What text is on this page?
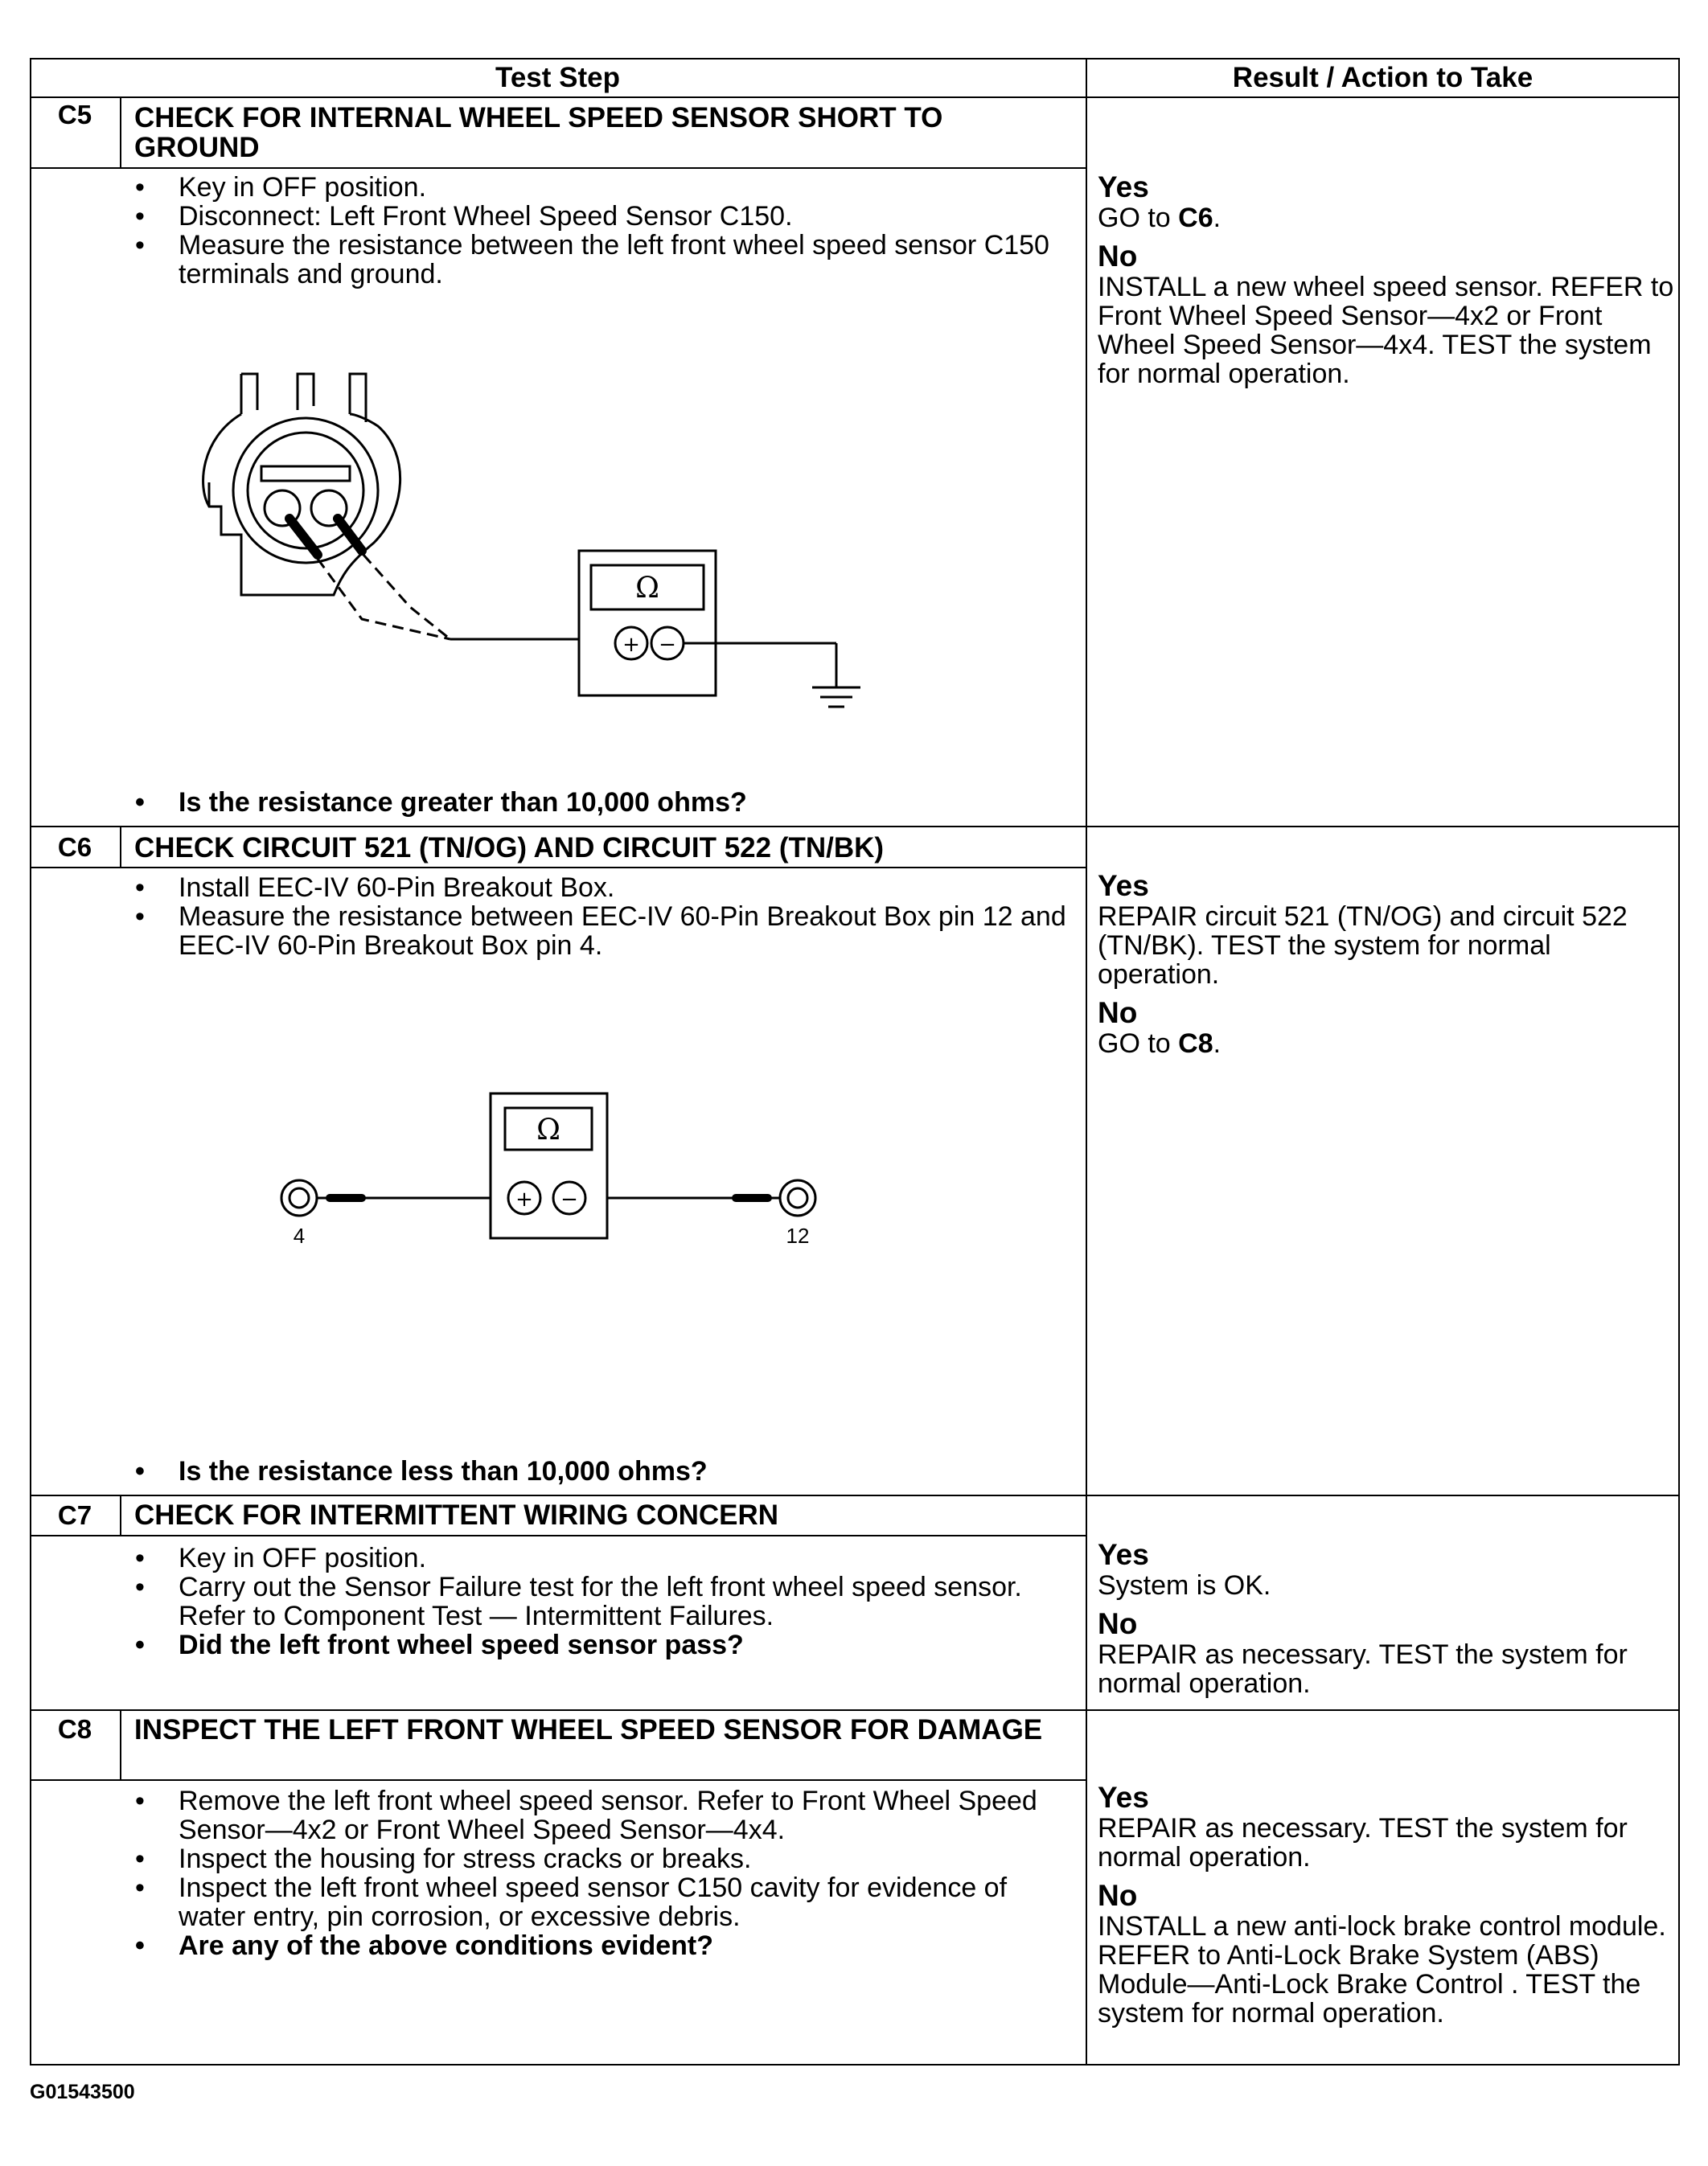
Test Step	Result / Action to Take
C5	CHECK FOR INTERNAL WHEEL SPEED SENSOR SHORT TO GROUND
• Key in OFF position.
• Disconnect: Left Front Wheel Speed Sensor C150.
• Measure the resistance between the left front wheel speed sensor C150 terminals and ground.
Ω
+ −
• Is the resistance greater than 10,000 ohms?
Yes
GO to C6.
No
INSTALL a new wheel speed sensor. REFER to Front Wheel Speed Sensor—4x2 or Front Wheel Speed Sensor—4x4. TEST the system for normal operation.
C6	CHECK CIRCUIT 521 (TN/OG) AND CIRCUIT 522 (TN/BK)
• Install EEC-IV 60-Pin Breakout Box.
• Measure the resistance between EEC-IV 60-Pin Breakout Box pin 12 and EEC-IV 60-Pin Breakout Box pin 4.
Ω
+ −
4	12
• Is the resistance less than 10,000 ohms?
Yes
REPAIR circuit 521 (TN/OG) and circuit 522 (TN/BK). TEST the system for normal operation.
No
GO to C8.
C7	CHECK FOR INTERMITTENT WIRING CONCERN
• Key in OFF position.
• Carry out the Sensor Failure test for the left front wheel speed sensor. Refer to Component Test — Intermittent Failures.
• Did the left front wheel speed sensor pass?
Yes
System is OK.
No
REPAIR as necessary. TEST the system for normal operation.
C8	INSPECT THE LEFT FRONT WHEEL SPEED SENSOR FOR DAMAGE
• Remove the left front wheel speed sensor. Refer to Front Wheel Speed Sensor—4x2 or Front Wheel Speed Sensor—4x4.
• Inspect the housing for stress cracks or breaks.
• Inspect the left front wheel speed sensor C150 cavity for evidence of water entry, pin corrosion, or excessive debris.
• Are any of the above conditions evident?
Yes
REPAIR as necessary. TEST the system for normal operation.
No
INSTALL a new anti-lock brake control module. REFER to Anti-Lock Brake System (ABS) Module—Anti-Lock Brake Control . TEST the system for normal operation.
G01543500
